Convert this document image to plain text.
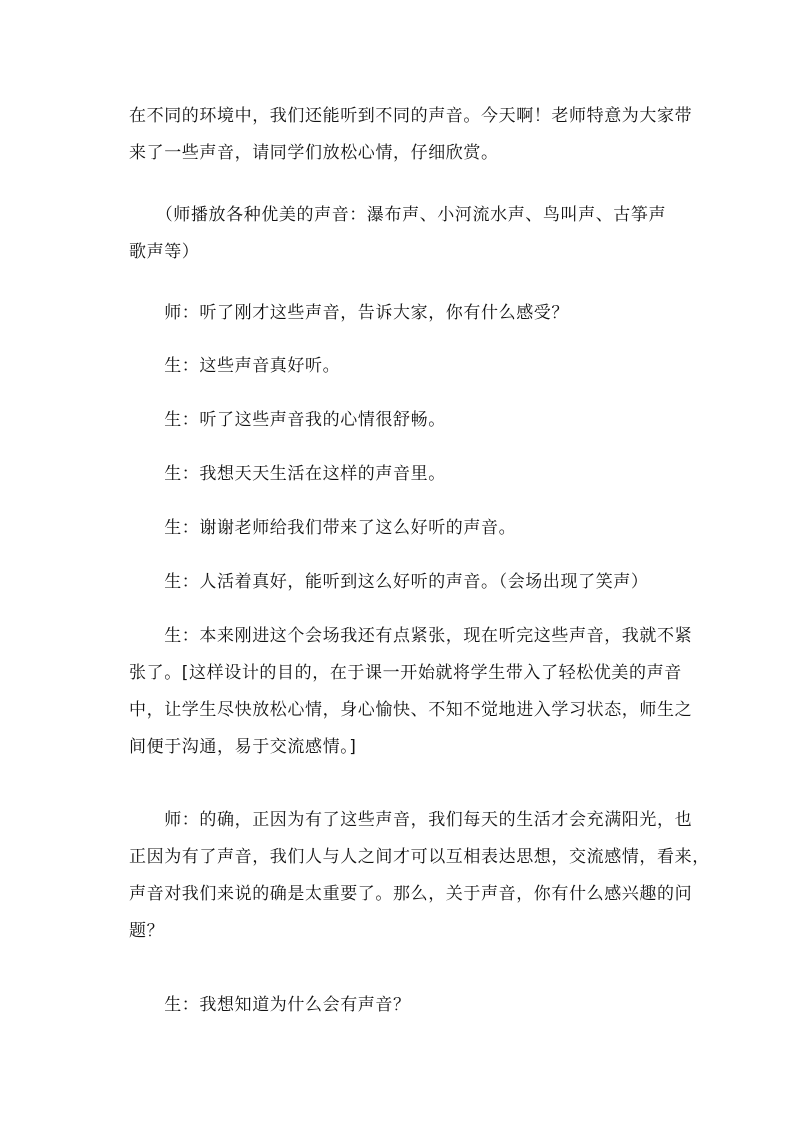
在不同的环境中，我们还能听到不同的声音。今天啊！老师特意为大家带
来了一些声音，请同学们放松心情，仔细欣赏。

　　（师播放各种优美的声音：瀑布声、小河流水声、鸟叫声、古筝声
歌声等）

　　师：听了刚才这些声音，告诉大家，你有什么感受？

　　生：这些声音真好听。

　　生：听了这些声音我的心情很舒畅。

　　生：我想天天生活在这样的声音里。

　　生：谢谢老师给我们带来了这么好听的声音。

　　生：人活着真好，能听到这么好听的声音。（会场出现了笑声）

　　生：本来刚进这个会场我还有点紧张，现在听完这些声音，我就不紧
张了。[这样设计的目的，在于课一开始就将学生带入了轻松优美的声音
中，让学生尽快放松心情，身心愉快、不知不觉地进入学习状态，师生之
间便于沟通，易于交流感情。]

　　师：的确，正因为有了这些声音，我们每天的生活才会充满阳光，也
正因为有了声音，我们人与人之间才可以互相表达思想，交流感情，看来，
声音对我们来说的确是太重要了。那么，关于声音，你有什么感兴趣的问
题？

　　生：我想知道为什么会有声音？
